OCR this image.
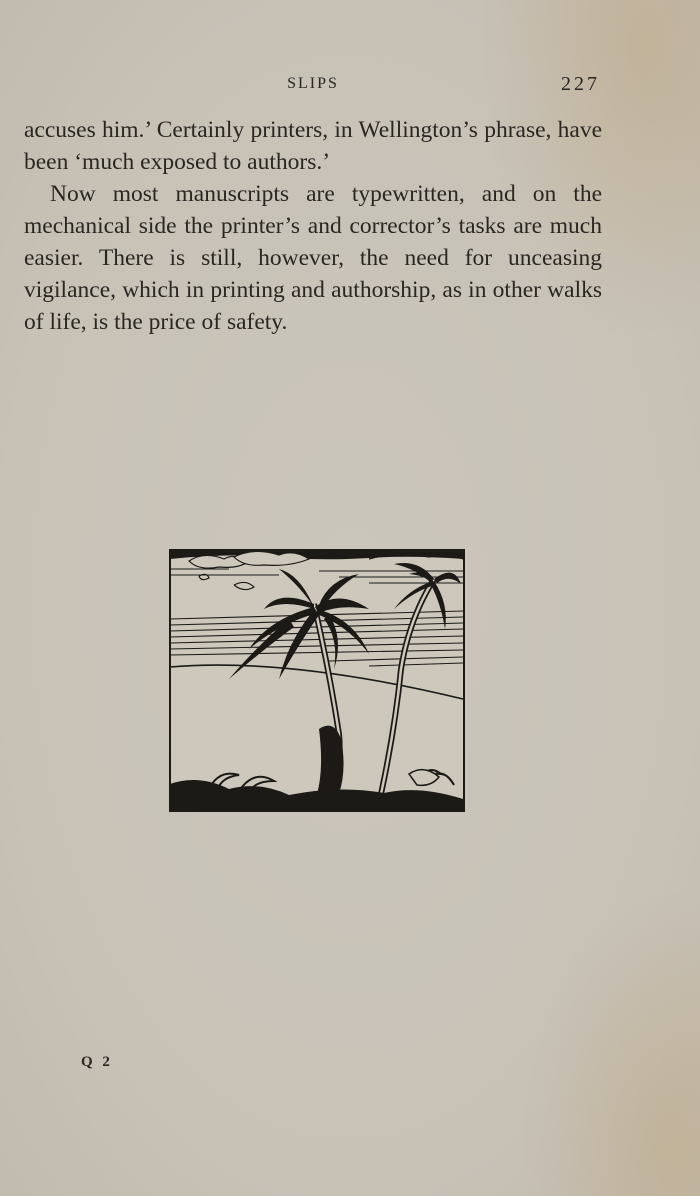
SLIPS	227

accuses him.’ Certainly printers, in Wellington’s phrase, have been ‘much exposed to authors.’

Now most manuscripts are typewritten, and on the mechanical side the printer’s and corrector’s tasks are much easier. There is still, however, the need for unceasing vigilance, which in printing and authorship, as in other walks of life, is the price of safety.

Q 2
